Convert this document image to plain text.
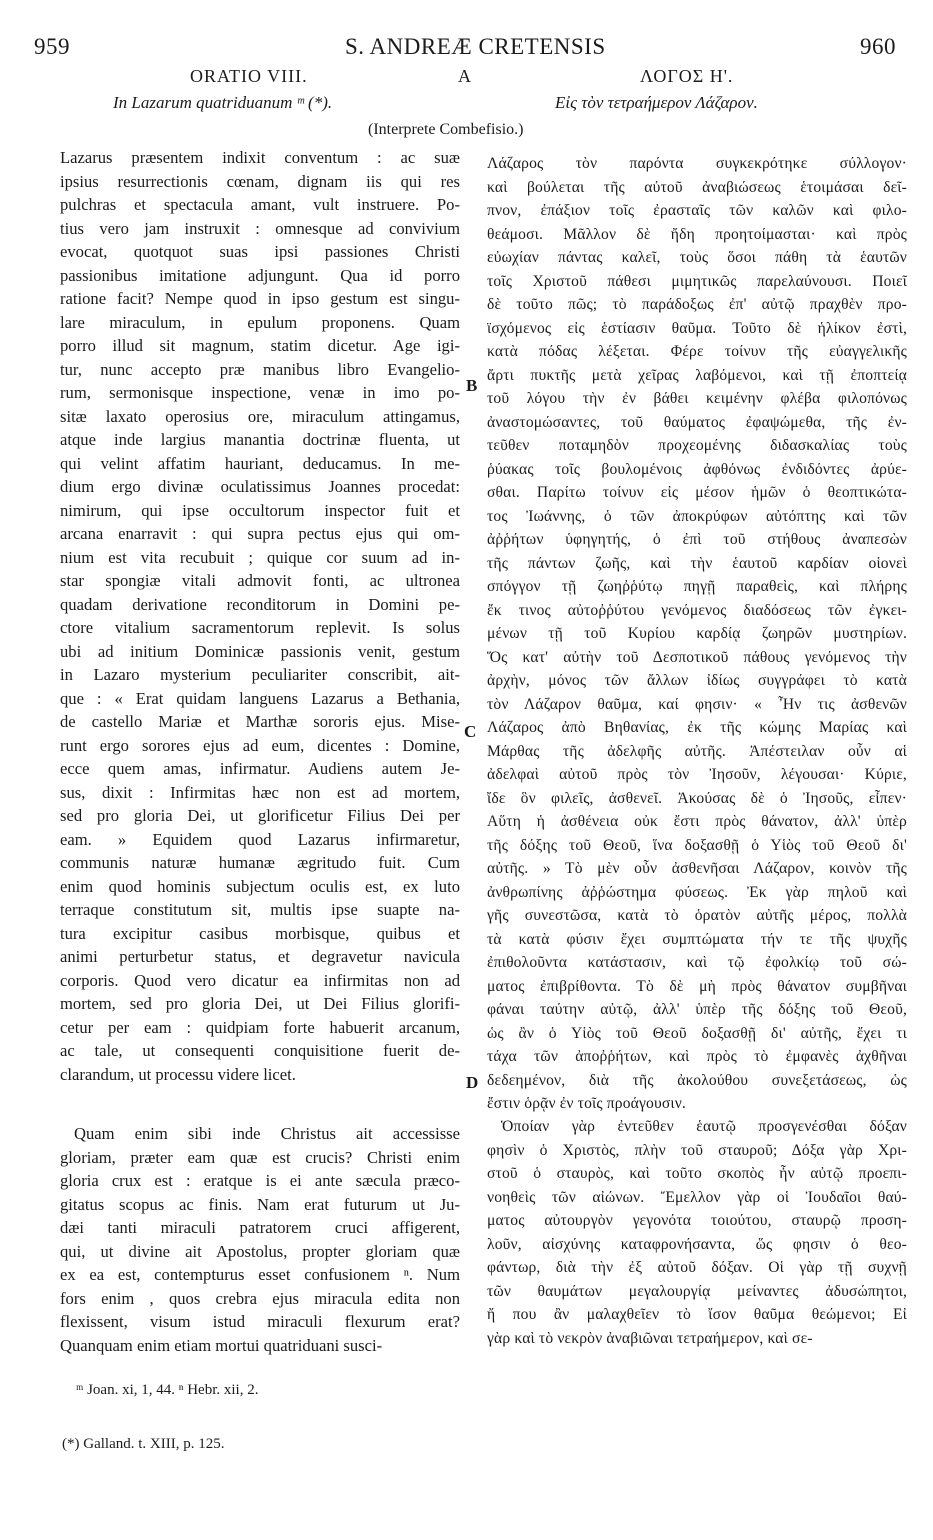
959	S. ANDREÆ CRETENSIS	960
ORATIO VIII.	A	ΛΟΓΟΣ Η'.
In Lazarum quatriduanum ᵐ (*).	Εἰς τὸν τετραήμερον Λάζαρον.
(Interprete Combefisio.)
Lazarus præsentem indixit conventum : ac suæ
ipsius resurrectionis cœnam, dignam iis qui res
pulchras et spectacula amant, vult instruere. Po-
tius vero jam instruxit : omnesque ad convivium
evocat, quotquot suas ipsi passiones Christi
passionibus imitatione adjungunt. Qua id porro
ratione facit? Nempe quod in ipso gestum est singu-
lare miraculum, in epulum proponens. Quam
porro illud sit magnum, statim dicetur. Age igi-
tur, nunc accepto præ manibus libro Evangelio-
rum, sermonisque inspectione, venæ in imo po-
sitæ laxato operosius ore, miraculum attingamus,
atque inde largius manantia doctrinæ fluenta, ut
qui velint affatim hauriant, deducamus. In me-
dium ergo divinæ oculatissimus Joannes procedat:
nimirum, qui ipse occultorum inspector fuit et
arcana enarravit : qui supra pectus ejus qui om-
nium est vita recubuit ; quique cor suum ad in-
star spongiæ vitali admovit fonti, ac ultronea
quadam derivatione reconditorum in Domini pe-
ctore vitalium sacramentorum replevit. Is solus
ubi ad initium Dominicæ passionis venit, gestum
in Lazaro mysterium peculiariter conscribit, ait-
que : « Erat quidam languens Lazarus a Bethania,
de castello Mariæ et Marthæ sororis ejus. Mise-
runt ergo sorores ejus ad eum, dicentes : Domine,
ecce quem amas, infirmatur. Audiens autem Je-
sus, dixit : Infirmitas hæc non est ad mortem,
sed pro gloria Dei, ut glorificetur Filius Dei per
eam. » Equidem quod Lazarus infirmaretur,
communis naturæ humanæ ægritudo fuit. Cum
enim quod hominis subjectum oculis est, ex luto
terraque constitutum sit, multis ipse suapte na-
tura excipitur casibus morbisque, quibus et
animi perturbetur status, et degravetur navicula
corporis. Quod vero dicatur ea infirmitas non ad
mortem, sed pro gloria Dei, ut Dei Filius glorifi-
cetur per eam : quidpiam forte habuerit arcanum,
ac tale, ut consequenti conquisitione fuerit de-
clarandum, ut processu videre licet.
Quam enim sibi inde Christus ait accessisse
gloriam, præter eam quæ est crucis? Christi enim
gloria crux est : eratque is ei ante sæcula præco-
gitatus scopus ac finis. Nam erat futurum ut Ju-
dæi tanti miraculi patratorem cruci affigerent,
qui, ut divine ait Apostolus, propter gloriam quæ
ex ea est, contempturus esset confusionem ⁿ. Num
fors enim , quos crebra ejus miracula edita non
flexissent, visum istud miraculi flexurum erat?
Quanquam enim etiam mortui quatriduani susci-
B
C
D
Λάζαρος τὸν παρόντα συγκεκρότηκε σύλλογον·
καὶ βούλεται τῆς αὐτοῦ ἀναβιώσεως ἑτοιμάσαι δεῖ-
πνον, ἐπάξιον τοῖς ἐρασταῖς τῶν καλῶν καὶ φιλο-
θεάμοσι. Μᾶλλον δὲ ἤδη προητοίμασται· καὶ πρὸς
εὐωχίαν πάντας καλεῖ, τοὺς ὅσοι πάθη τὰ ἑαυτῶν
τοῖς Χριστοῦ πάθεσι μιμητικῶς παρελαύνουσι. Ποιεῖ
δὲ τοῦτο πῶς; τὸ παράδοξως ἐπ' αὐτῷ πραχθὲν προ-
ϊσχόμενος εἰς ἑστίασιν θαῦμα. Τοῦτο δὲ ἡλίκον ἐστὶ,
κατὰ πόδας λέξεται. Φέρε τοίνυν τῆς εὐαγγελικῆς
ἄρτι πυκτῆς μετὰ χεῖρας λαβόμενοι, καὶ τῇ ἐποπτείᾳ
τοῦ λόγου τὴν ἐν βάθει κειμένην φλέβα φιλοπόνως
ἀναστομώσαντες, τοῦ θαύματος ἐφαψώμεθα, τῆς ἐν-
τεῦθεν ποταμηδὸν προχεομένης διδασκαλίας τοὺς
ῥύακας τοῖς βουλομένοις ἀφθόνως ἐνδιδόντες ἀρύε-
σθαι. Παρίτω τοίνυν εἰς μέσον ἡμῶν ὁ θεοπτικώτα-
τος Ἰωάννης, ὁ τῶν ἀποκρύφων αὐτόπτης καὶ τῶν
ἀῤῥήτων ὑφηγητής, ὁ ἐπὶ τοῦ στήθους ἀναπεσὼν
τῆς πάντων ζωῆς, καὶ τὴν ἑαυτοῦ καρδίαν οἱονεὶ
σπόγγον τῇ ζωηῤῥύτῳ πηγῇ παραθεὶς, καὶ πλήρης
ἔκ τινος αὐτοῤῥύτου γενόμενος διαδόσεως τῶν ἐγκει-
μένων τῇ τοῦ Κυρίου καρδίᾳ ζωηρῶν μυστηρίων.
Ὅς κατ' αὐτὴν τοῦ Δεσποτικοῦ πάθους γενόμενος τὴν
ἀρχὴν, μόνος τῶν ἄλλων ἰδίως συγγράφει τὸ κατὰ
τὸν Λάζαρον θαῦμα, καί φησιν· « Ἦν τις ἀσθενῶν
Λάζαρος ἀπὸ Βηθανίας, ἐκ τῆς κώμης Μαρίας καὶ
Μάρθας τῆς ἀδελφῆς αὐτῆς. Ἀπέστειλαν οὖν αἱ
ἀδελφαὶ αὐτοῦ πρὸς τὸν Ἰησοῦν, λέγουσαι· Κύριε,
ἴδε ὃν φιλεῖς, ἀσθενεῖ. Ἀκούσας δὲ ὁ Ἰησοῦς, εἶπεν·
Αὕτη ἡ ἀσθένεια οὐκ ἔστι πρὸς θάνατον, ἀλλ' ὑπὲρ
τῆς δόξης τοῦ Θεοῦ, ἵνα δοξασθῇ ὁ Υἱὸς τοῦ Θεοῦ δι'
αὐτῆς. » Τὸ μὲν οὖν ἀσθενῆσαι Λάζαρον, κοινὸν τῆς
ἀνθρωπίνης ἀῤῥώστημα φύσεως. Ἐκ γὰρ πηλοῦ καὶ
γῆς συνεστῶσα, κατὰ τὸ ὁρατὸν αὐτῆς μέρος, πολλὰ
τὰ κατὰ φύσιν ἔχει συμπτώματα τήν τε τῆς ψυχῆς
ἐπιθολοῦντα κατάστασιν, καὶ τῷ ἐφολκίῳ τοῦ σώ-
ματος ἐπιβρίθοντα. Τὸ δὲ μὴ πρὸς θάνατον συμβῆναι
φάναι ταύτην αὐτῷ, ἀλλ' ὑπὲρ τῆς δόξης τοῦ Θεοῦ,
ὡς ἂν ὁ Υἱὸς τοῦ Θεοῦ δοξασθῇ δι' αὐτῆς, ἔχει τι
τάχα τῶν ἀποῤῥήτων, καὶ πρὸς τὸ ἐμφανὲς ἀχθῆναι
δεδεημένον, διὰ τῆς ἀκολούθου συνεξετάσεως, ὡς
ἔστιν ὁρᾷν ἐν τοῖς προάγουσιν.
Ὁποίαν γὰρ ἐντεῦθεν ἑαυτῷ προσγενέσθαι δόξαν
φησὶν ὁ Χριστὸς, πλὴν τοῦ σταυροῦ; Δόξα γὰρ Χρι-
στοῦ ὁ σταυρὸς, καὶ τοῦτο σκοπὸς ἦν αὐτῷ προεπι-
νοηθεὶς τῶν αἰώνων. Ἔμελλον γὰρ οἱ Ἰουδαῖοι θαύ-
ματος αὐτουργὸν γεγονότα τοιούτου, σταυρῷ προση-
λοῦν, αἰσχύνης καταφρονήσαντα, ὥς φησιν ὁ θεο-
φάντωρ, διὰ τὴν ἐξ αὐτοῦ δόξαν. Οἱ γὰρ τῇ συχνῇ
τῶν θαυμάτων μεγαλουργίᾳ μείναντες ἀδυσώπητοι,
ἤ που ἂν μαλαχθεῖεν τὸ ἴσον θαῦμα θεώμενοι; Εἰ
γὰρ καὶ τὸ νεκρὸν ἀναβιῶναι τετραήμερον, καὶ σε-
ᵐ Joan. xi, 1, 44. ⁿ Hebr. xii, 2.
(*) Galland. t. XIII, p. 125.
